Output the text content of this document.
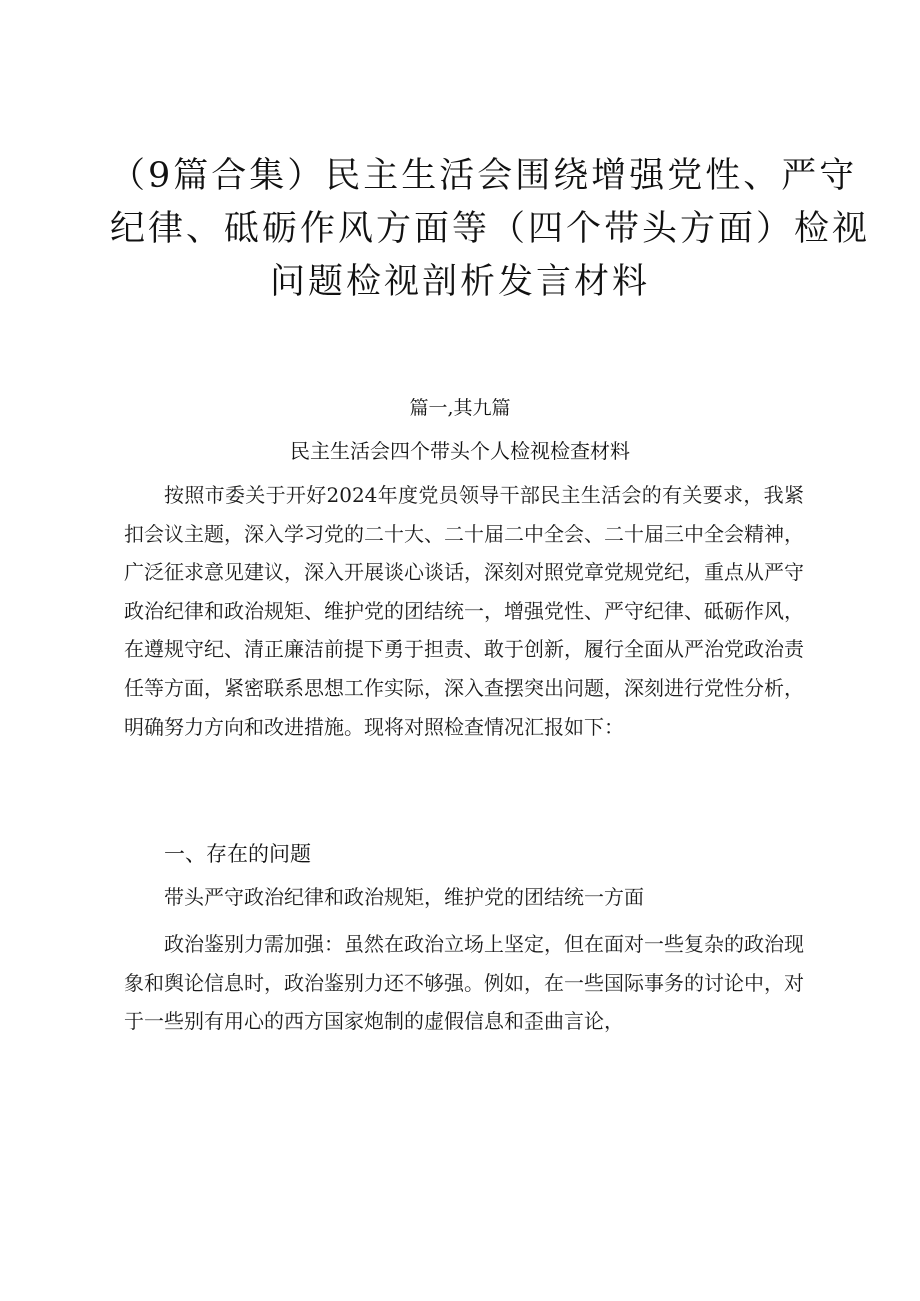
（9篇合集）民主生活会围绕增强党性、严守
纪律、砥砺作风方面等（四个带头方面）检视
问题检视剖析发言材料
篇一,其九篇
民主生活会四个带头个人检视检查材料

按照市委关于开好2024年度党员领导干部民主生活会的有关要求，我紧扣会议主题，深入学习党的二十大、二十届二中全会、二十届三中全会精神，广泛征求意见建议，深入开展谈心谈话，深刻对照党章党规党纪，重点从严守政治纪律和政治规矩、维护党的团结统一，增强党性、严守纪律、砥砺作风，在遵规守纪、清正廉洁前提下勇于担责、敢于创新，履行全面从严治党政治责任等方面，紧密联系思想工作实际，深入查摆突出问题，深刻进行党性分析，明确努力方向和改进措施。现将对照检查情况汇报如下：

一、存在的问题

带头严守政治纪律和政治规矩，维护党的团结统一方面

政治鉴别力需加强：虽然在政治立场上坚定，但在面对一些复杂的政治现象和舆论信息时，政治鉴别力还不够强。例如，在一些国际事务的讨论中，对于一些别有用心的西方国家炮制的虚假信息和歪曲言论，
